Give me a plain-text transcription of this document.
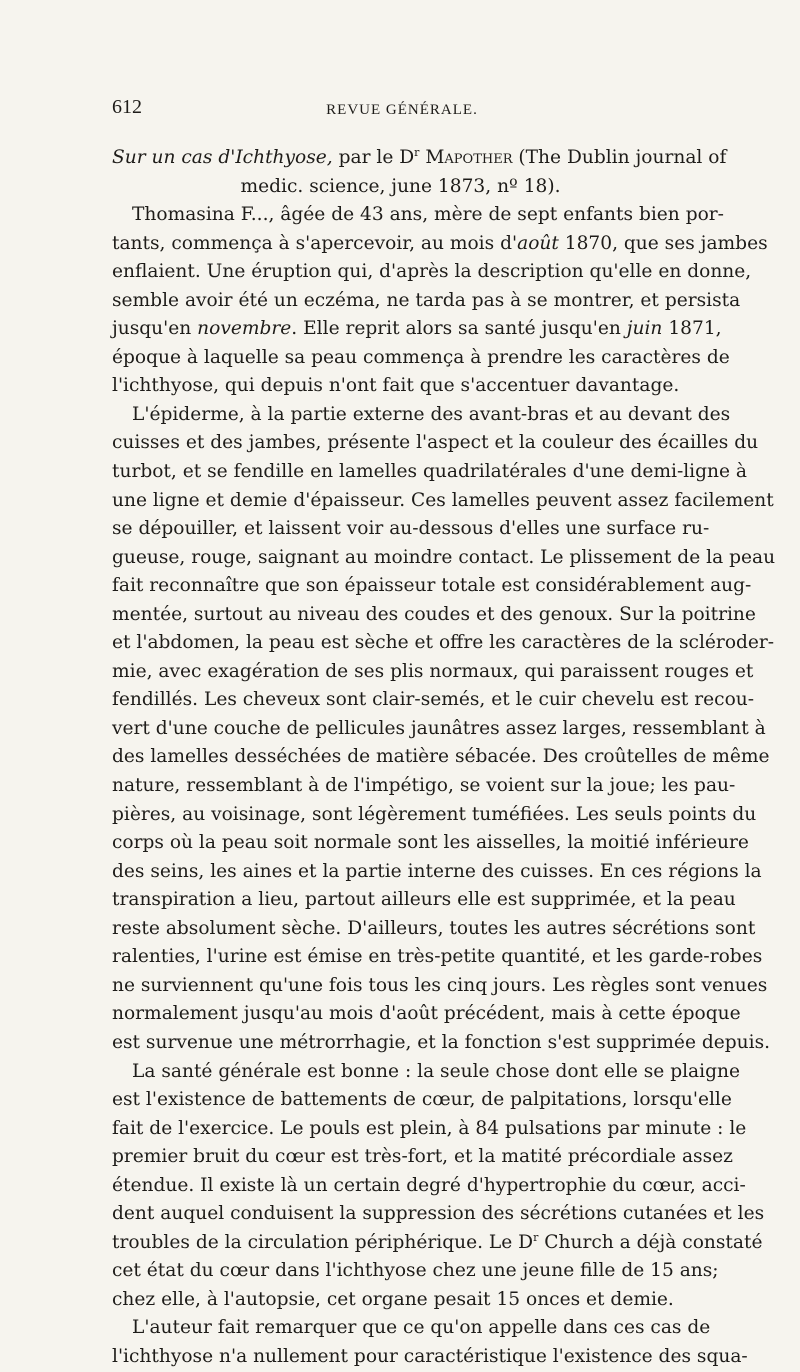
612	REVUE GÉNÉRALE.
Sur un cas d'Ichthyose, par le $D^r$ Mapother (The Dublin journal of
medic. science, june 1873, nº 18).
Thomasina F..., âgée de 43 ans, mère de sept enfants bien por-
tants, commença à s'apercevoir, au mois d'août 1870, que ses jambes
enflaient. Une éruption qui, d'après la description qu'elle en donne,
semble avoir été un eczéma, ne tarda pas à se montrer, et persista
jusqu'en novembre. Elle reprit alors sa santé jusqu'en juin 1871,
époque à laquelle sa peau commença à prendre les caractères de
l'ichthyose, qui depuis n'ont fait que s'accentuer davantage.
L'épiderme, à la partie externe des avant-bras et au devant des
cuisses et des jambes, présente l'aspect et la couleur des écailles du
turbot, et se fendille en lamelles quadrilatérales d'une demi-ligne à
une ligne et demie d'épaisseur. Ces lamelles peuvent assez facilement
se dépouiller, et laissent voir au-dessous d'elles une surface ru-
gueuse, rouge, saignant au moindre contact. Le plissement de la peau
fait reconnaître que son épaisseur totale est considérablement aug-
mentée, surtout au niveau des coudes et des genoux. Sur la poitrine
et l'abdomen, la peau est sèche et offre les caractères de la scléroder-
mie, avec exagération de ses plis normaux, qui paraissent rouges et
fendillés. Les cheveux sont clair-semés, et le cuir chevelu est recou-
vert d'une couche de pellicules jaunâtres assez larges, ressemblant à
des lamelles desséchées de matière sébacée. Des croûtelles de même
nature, ressemblant à de l'impétigo, se voient sur la joue; les pau-
pières, au voisinage, sont légèrement tuméfiées. Les seuls points du
corps où la peau soit normale sont les aisselles, la moitié inférieure
des seins, les aines et la partie interne des cuisses. En ces régions la
transpiration a lieu, partout ailleurs elle est supprimée, et la peau
reste absolument sèche. D'ailleurs, toutes les autres sécrétions sont
ralenties, l'urine est émise en très-petite quantité, et les garde-robes
ne surviennent qu'une fois tous les cinq jours. Les règles sont venues
normalement jusqu'au mois d'août précédent, mais à cette époque
est survenue une métrorrhagie, et la fonction s'est supprimée depuis.
La santé générale est bonne : la seule chose dont elle se plaigne
est l'existence de battements de cœur, de palpitations, lorsqu'elle
fait de l'exercice. Le pouls est plein, à 84 pulsations par minute : le
premier bruit du cœur est très-fort, et la matité précordiale assez
étendue. Il existe là un certain degré d'hypertrophie du cœur, acci-
dent auquel conduisent la suppression des sécrétions cutanées et les
troubles de la circulation périphérique. Le $D^r$ Church a déjà constaté
cet état du cœur dans l'ichthyose chez une jeune fille de 15 ans;
chez elle, à l'autopsie, cet organe pesait 15 onces et demie.
L'auteur fait remarquer que ce qu'on appelle dans ces cas de
l'ichthyose n'a nullement pour caractéristique l'existence des squa-
